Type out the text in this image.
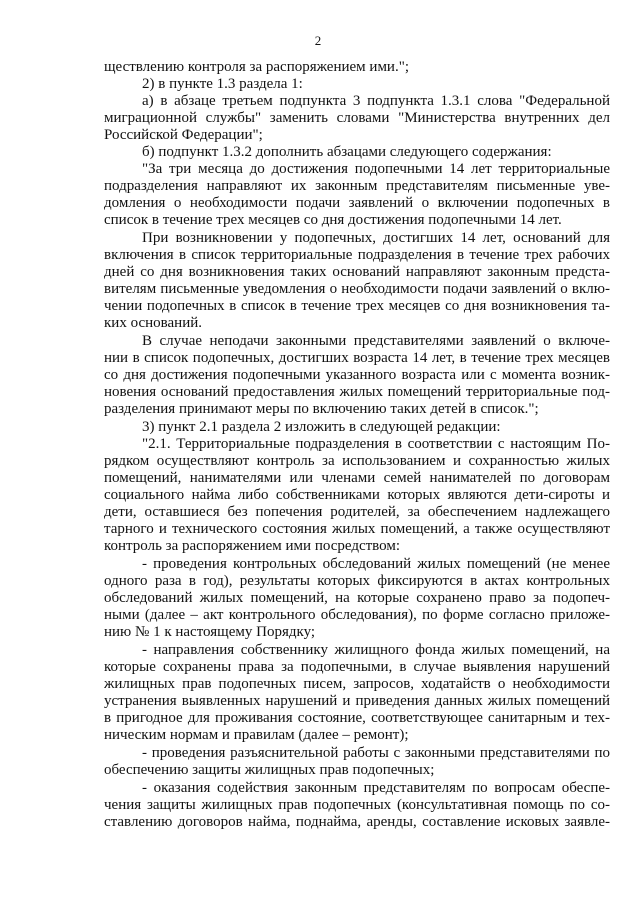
2
ществлению контроля за распоряжением ими.";
2) в пункте 1.3 раздела 1:
а) в абзаце третьем подпункта 3 подпункта 1.3.1 слова "Федеральной
миграционной службы" заменить словами "Министерства внутренних дел
Российской Федерации";
б) подпункт 1.3.2 дополнить абзацами следующего содержания:
"За три месяца до достижения подопечными 14 лет территориальные
подразделения направляют их законным представителям письменные уве-
домления о необходимости подачи заявлений о включении подопечных в
список в течение трех месяцев со дня достижения подопечными 14 лет.
При возникновении у подопечных, достигших 14 лет, оснований для
включения в список территориальные подразделения в течение трех рабочих
дней со дня возникновения таких оснований направляют законным предста-
вителям письменные уведомления о необходимости подачи заявлений о вклю-
чении подопечных в список в течение трех месяцев со дня возникновения та-
ких оснований.
В случае неподачи законными представителями заявлений о включе-
нии в список подопечных, достигших возраста 14 лет, в течение трех месяцев
со дня достижения подопечными указанного возраста или с момента возник-
новения оснований предоставления жилых помещений территориальные под-
разделения принимают меры по включению таких детей в список.";
3) пункт 2.1 раздела 2 изложить в следующей редакции:
"2.1. Территориальные подразделения в соответствии с настоящим По-
рядком осуществляют контроль за использованием и сохранностью жилых
помещений, нанимателями или членами семей нанимателей по договорам
социального найма либо собственниками которых являются дети-сироты и
дети, оставшиеся без попечения родителей, за обеспечением надлежащего
тарного и технического состояния жилых помещений, а также осуществляют
контроль за распоряжением ими посредством:
- проведения контрольных обследований жилых помещений (не менее
одного раза в год), результаты которых фиксируются в актах контрольных
обследований жилых помещений, на которые сохранено право за подопеч-
ными (далее – акт контрольного обследования), по форме согласно приложе-
нию № 1 к настоящему Порядку;
- направления собственнику жилищного фонда жилых помещений, на
которые сохранены права за подопечными, в случае выявления нарушений
жилищных прав подопечных писем, запросов, ходатайств о необходимости
устранения выявленных нарушений и приведения данных жилых помещений
в пригодное для проживания состояние, соответствующее санитарным и тех-
ническим нормам и правилам (далее – ремонт);
- проведения разъяснительной работы с законными представителями по
обеспечению защиты жилищных прав подопечных;
- оказания содействия законным представителям по вопросам обеспе-
чения защиты жилищных прав подопечных (консультативная помощь по со-
ставлению договоров найма, поднайма, аренды, составление исковых заявле-
